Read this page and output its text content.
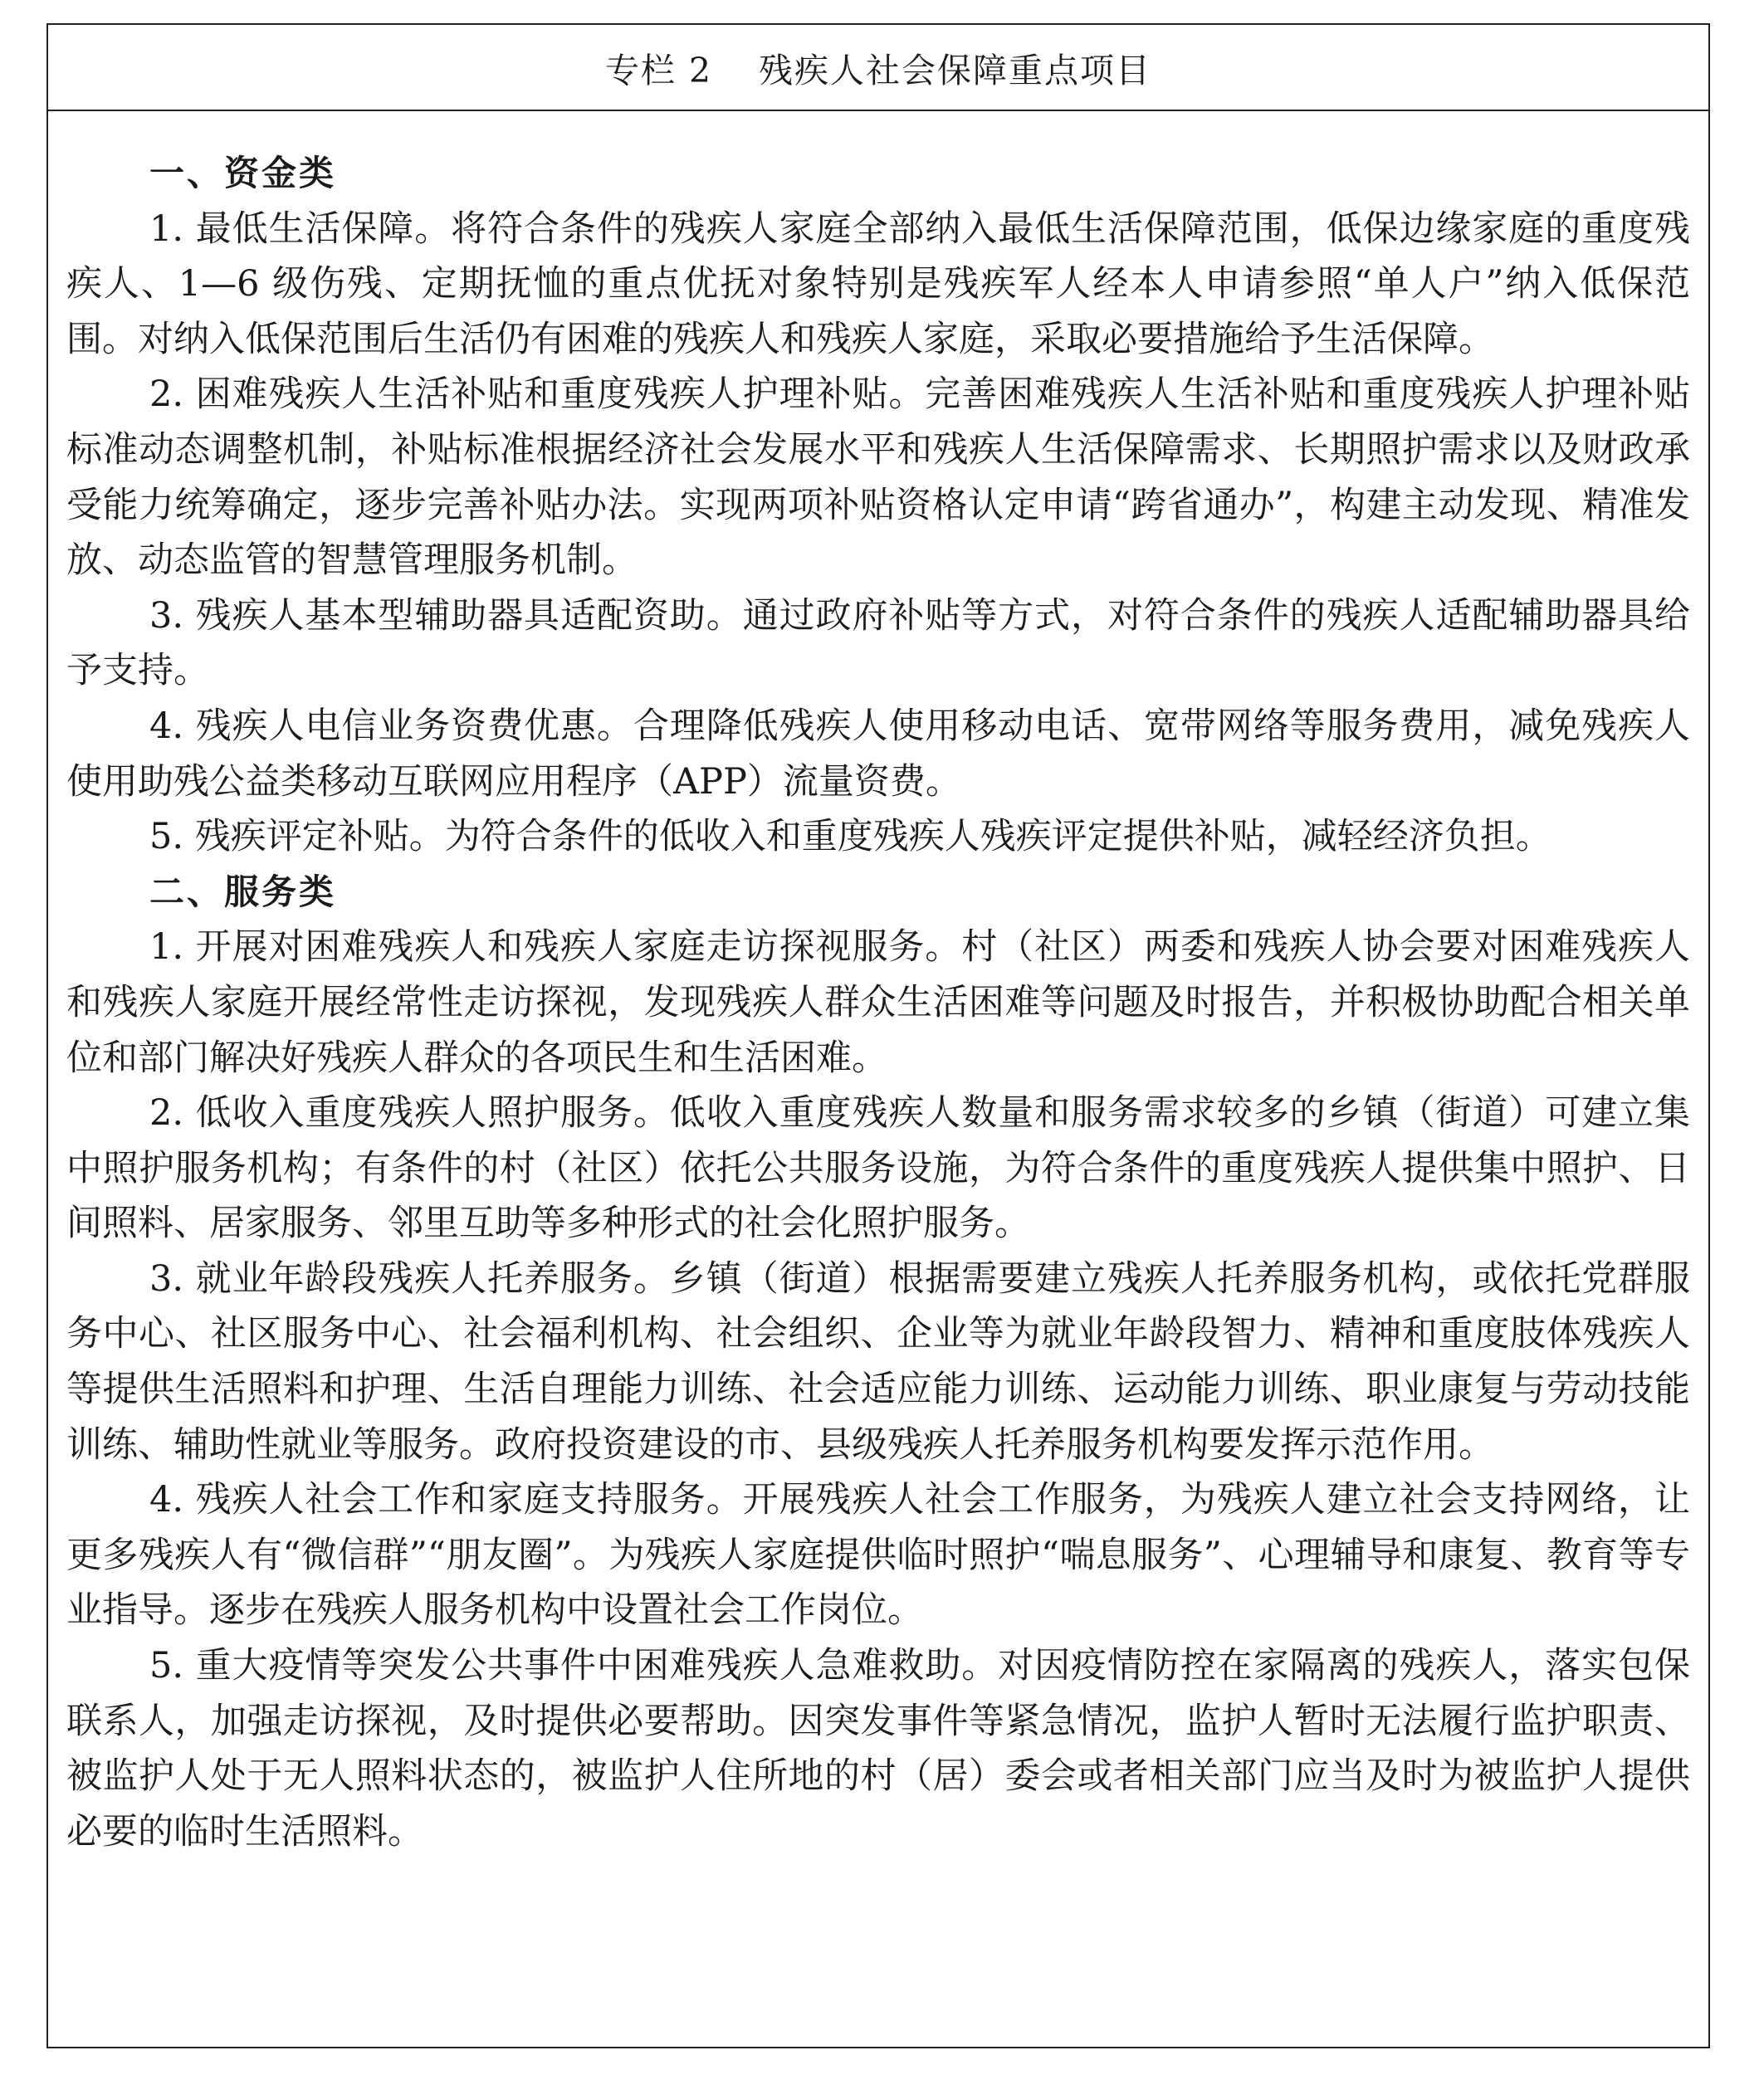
专栏 2 残疾人社会保障重点项目

一、资金类

1. 最低生活保障。将符合条件的残疾人家庭全部纳入最低生活保障范围，低保边缘家庭的重度残疾人、1—6 级伤残、定期抚恤的重点优抚对象特别是残疾军人经本人申请参照“单人户”纳入低保范围。对纳入低保范围后生活仍有困难的残疾人和残疾人家庭，采取必要措施给予生活保障。

2. 困难残疾人生活补贴和重度残疾人护理补贴。完善困难残疾人生活补贴和重度残疾人护理补贴标准动态调整机制，补贴标准根据经济社会发展水平和残疾人生活保障需求、长期照护需求以及财政承受能力统筹确定，逐步完善补贴办法。实现两项补贴资格认定申请“跨省通办”，构建主动发现、精准发放、动态监管的智慧管理服务机制。

3. 残疾人基本型辅助器具适配资助。通过政府补贴等方式，对符合条件的残疾人适配辅助器具给予支持。

4. 残疾人电信业务资费优惠。合理降低残疾人使用移动电话、宽带网络等服务费用，减免残疾人使用助残公益类移动互联网应用程序（APP）流量资费。

5. 残疾评定补贴。为符合条件的低收入和重度残疾人残疾评定提供补贴，减轻经济负担。

二、服务类

1. 开展对困难残疾人和残疾人家庭走访探视服务。村（社区）两委和残疾人协会要对困难残疾人和残疾人家庭开展经常性走访探视，发现残疾人群众生活困难等问题及时报告，并积极协助配合相关单位和部门解决好残疾人群众的各项民生和生活困难。

2. 低收入重度残疾人照护服务。低收入重度残疾人数量和服务需求较多的乡镇（街道）可建立集中照护服务机构；有条件的村（社区）依托公共服务设施，为符合条件的重度残疾人提供集中照护、日间照料、居家服务、邻里互助等多种形式的社会化照护服务。

3. 就业年龄段残疾人托养服务。乡镇（街道）根据需要建立残疾人托养服务机构，或依托党群服务中心、社区服务中心、社会福利机构、社会组织、企业等为就业年龄段智力、精神和重度肢体残疾人等提供生活照料和护理、生活自理能力训练、社会适应能力训练、运动能力训练、职业康复与劳动技能训练、辅助性就业等服务。政府投资建设的市、县级残疾人托养服务机构要发挥示范作用。

4. 残疾人社会工作和家庭支持服务。开展残疾人社会工作服务，为残疾人建立社会支持网络，让更多残疾人有“微信群”“朋友圈”。为残疾人家庭提供临时照护“喘息服务”、心理辅导和康复、教育等专业指导。逐步在残疾人服务机构中设置社会工作岗位。

5. 重大疫情等突发公共事件中困难残疾人急难救助。对因疫情防控在家隔离的残疾人，落实包保联系人，加强走访探视，及时提供必要帮助。因突发事件等紧急情况，监护人暂时无法履行监护职责、被监护人处于无人照料状态的，被监护人住所地的村（居）委会或者相关部门应当及时为被监护人提供必要的临时生活照料。
